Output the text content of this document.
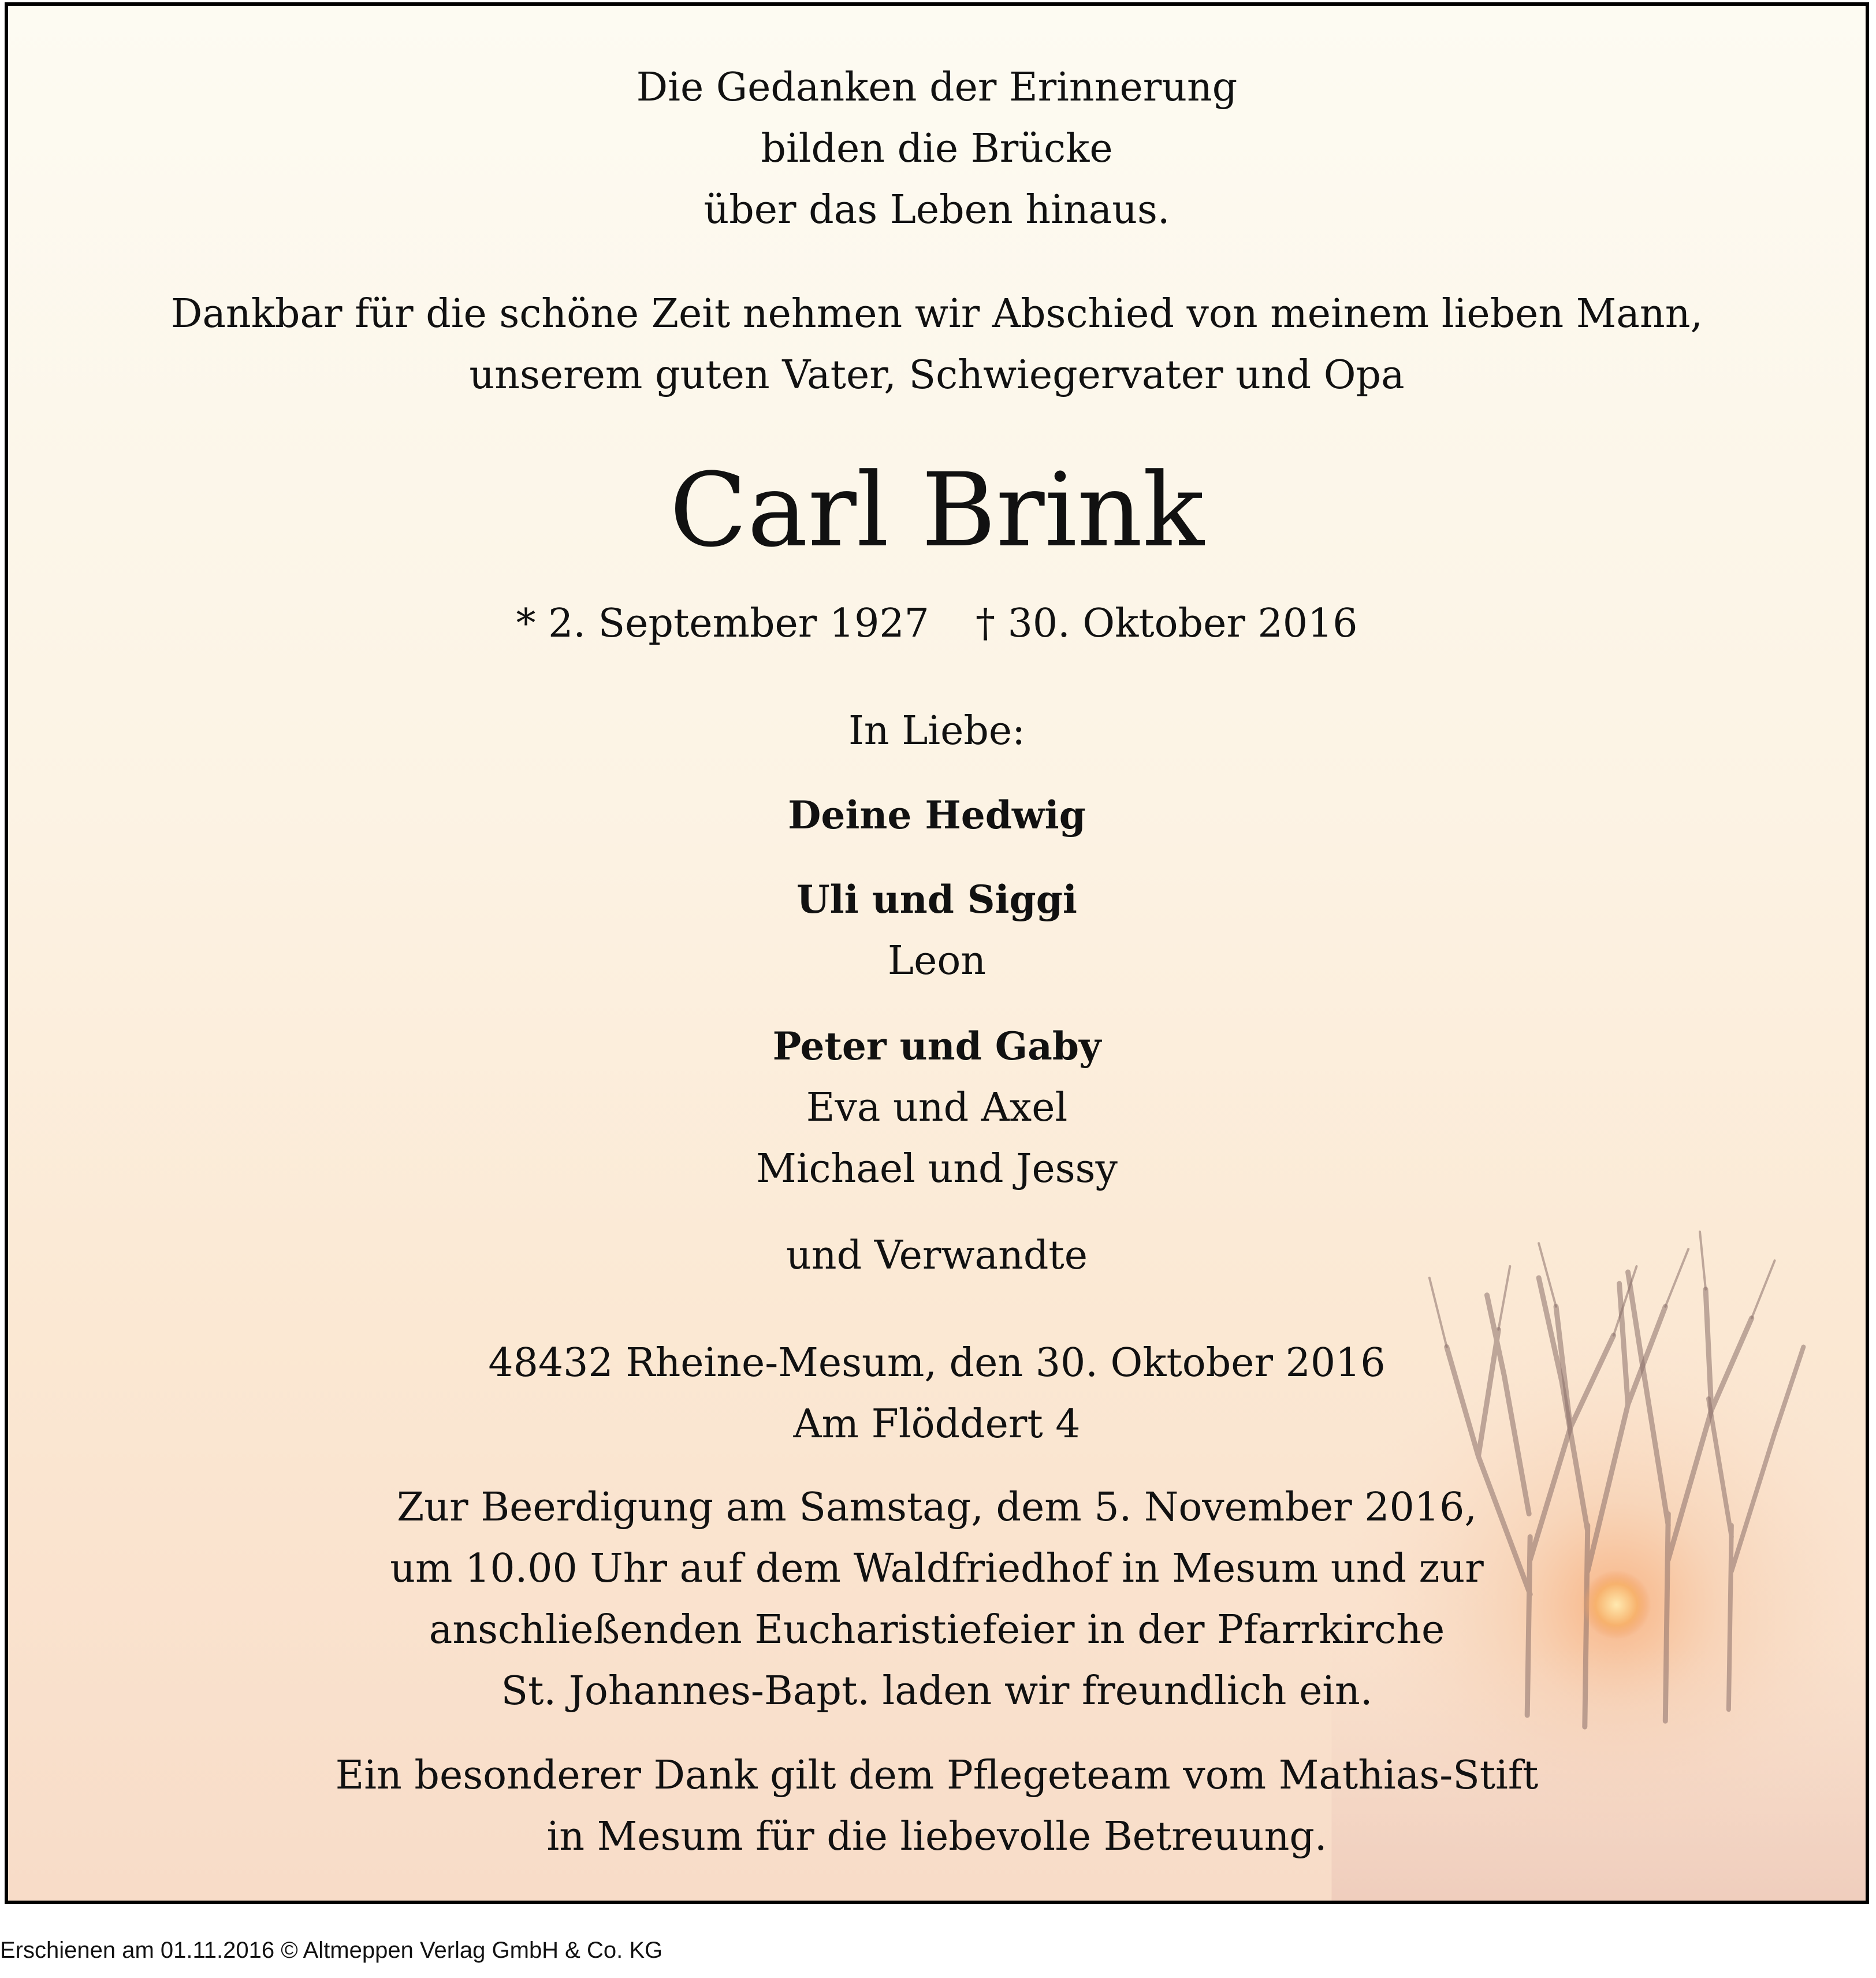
Die Gedanken der Erinnerung
bilden die Brücke
über das Leben hinaus.
Dankbar für die schöne Zeit nehmen wir Abschied von meinem lieben Mann,
unserem guten Vater, Schwiegervater und Opa
Carl Brink
* 2. September 1927 † 30. Oktober 2016
In Liebe:
Deine Hedwig
Uli und Siggi
Leon
Peter und Gaby
Eva und Axel
Michael und Jessy
und Verwandte
48432 Rheine-Mesum, den 30. Oktober 2016
Am Flöddert 4
Zur Beerdigung am Samstag, dem 5. November 2016,
um 10.00 Uhr auf dem Waldfriedhof in Mesum und zur
anschließenden Eucharistiefeier in der Pfarrkirche
St. Johannes-Bapt. laden wir freundlich ein.
Ein besonderer Dank gilt dem Pflegeteam vom Mathias-Stift
in Mesum für die liebevolle Betreuung.
Erschienen am 01.11.2016 © Altmeppen Verlag GmbH & Co. KG
